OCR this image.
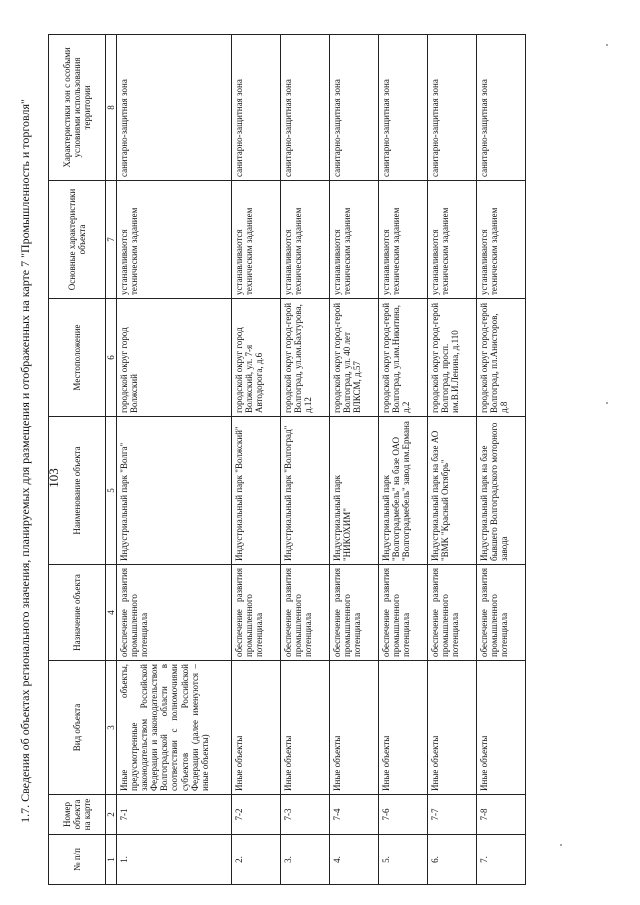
103
1.7. Сведения об объектах регионального значения, планируемых для размещения и отображенных на карте 7 "Промышленность и торговля"
№ п/п	Номер объекта на карте	Вид объекта	Назначение объекта	Наименование объекта	Местоположение	Основные характеристики объекта	Характеристики зон с особыми условиями использования территории
1	2	3	4	5	6	7	8
1.	7-1	Иные объекты, предусмотренные законодательством Российской Федерации и законодательством Волгоградской области в соответствии с полномочиями субъектов Российской Федерации (далее именуются – иные объекты)	обеспечение развития промышленного потенциала	Индустриальный парк "Волга"	городской округ город Волжский	устанавливаются техническим заданием	санитарно-защитная зона
2.	7-2	Иные объекты	обеспечение развития промышленного потенциала	Индустриальный парк "Волжский"	городской округ город Волжский, ул. 7-я Автодорога, д.6	устанавливаются техническим заданием	санитарно-защитная зона
3.	7-3	Иные объекты	обеспечение развития промышленного потенциала	Индустриальный парк "Волгоград"	городской округ город-герой Волгоград, ул.им.Бахтурова, д.12	устанавливаются техническим заданием	санитарно-защитная зона
4.	7-4	Иные объекты	обеспечение развития промышленного потенциала	Индустриальный парк "НИКОХИМ"	городской округ город-герой Волгоград, ул. 40 лет ВЛКСМ, д.57	устанавливаются техническим заданием	санитарно-защитная зона
5.	7-6	Иные объекты	обеспечение развития промышленного потенциала	Индустриальный парк "Волгоградмебель" на базе ОАО "Волгоградмебель" завод им.Ермана	городской округ город-герой Волгоград, ул.им.Никитина, д.2	устанавливаются техническим заданием	санитарно-защитная зона
6.	7-7	Иные объекты	обеспечение развития промышленного потенциала	Индустриальный парк на базе АО "ВМК "Красный Октябрь"	городской округ город-герой Волгоград, просп. им.В.И.Ленина, д.110	устанавливаются техническим заданием	санитарно-защитная зона
7.	7-8	Иные объекты	обеспечение развития промышленного потенциала	Индустриальный парк на базе бывшего Волгоградского моторного завода	городской округ город-герой Волгоград, пл.Анисторов, д.8	устанавливаются техническим заданием	санитарно-защитная зона
